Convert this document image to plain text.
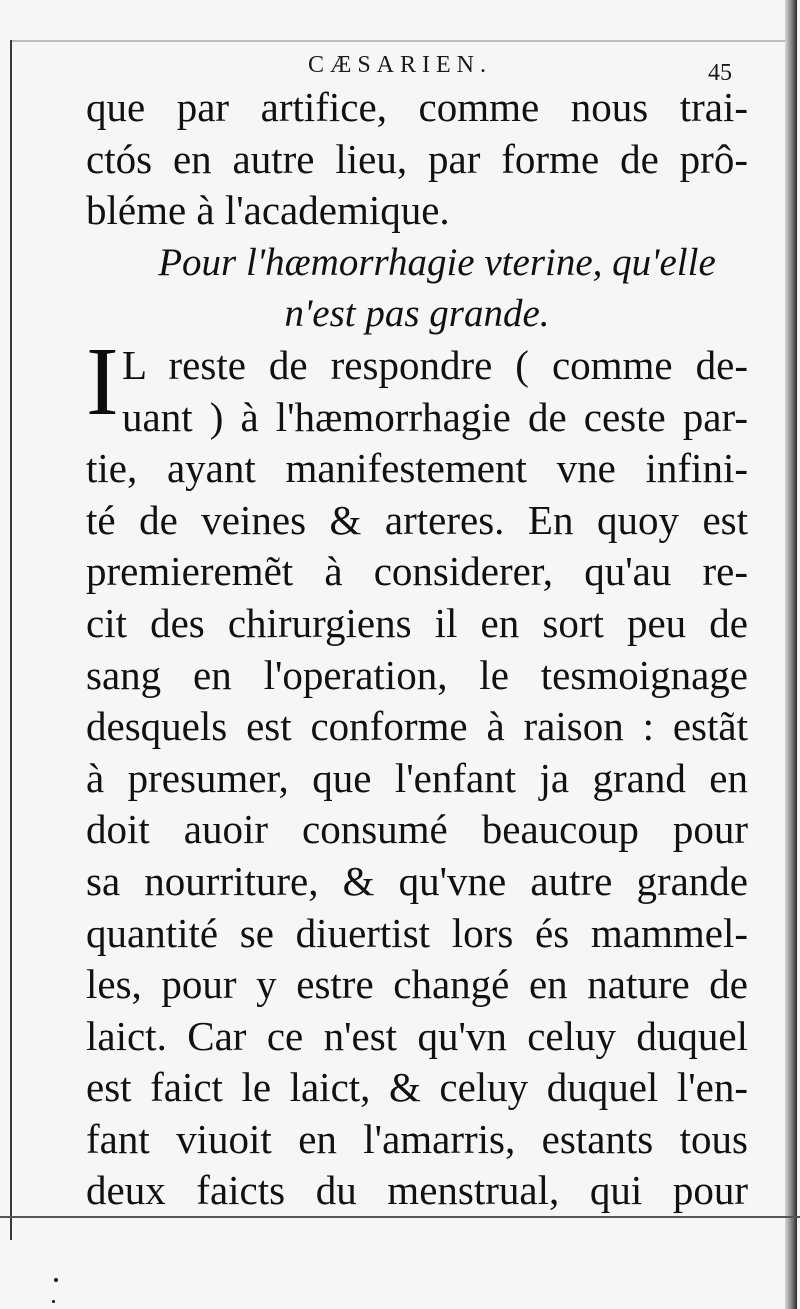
CÆSARIEN.	45
que par artifice, comme nous trai-
ctós en autre lieu, par forme de prô-
bléme à l'academique.
Pour l'hæmorrhagie vterine, qu'elle
n'est pas grande.
L reste de respondre ( comme de-
uant ) à l'hæmorrhagie de ceste par-
tie, ayant manifestement vne infini-
té de veines & arteres. En quoy est
premieremẽt à considerer, qu'au re-
cit des chirurgiens il en sort peu de
sang en l'operation, le tesmoignage
desquels est conforme à raison : estãt
à presumer, que l'enfant ja grand en
doit auoir consumé beaucoup pour
sa nourriture, & qu'vne autre grande
quantité se diuertist lors és mammel-
les, pour y estre changé en nature de
laict. Car ce n'est qu'vn celuy duquel
est faict le laict, & celuy duquel l'en-
fant viuoit en l'amarris, estants tous
deux faicts du menstrual, qui pour
I
